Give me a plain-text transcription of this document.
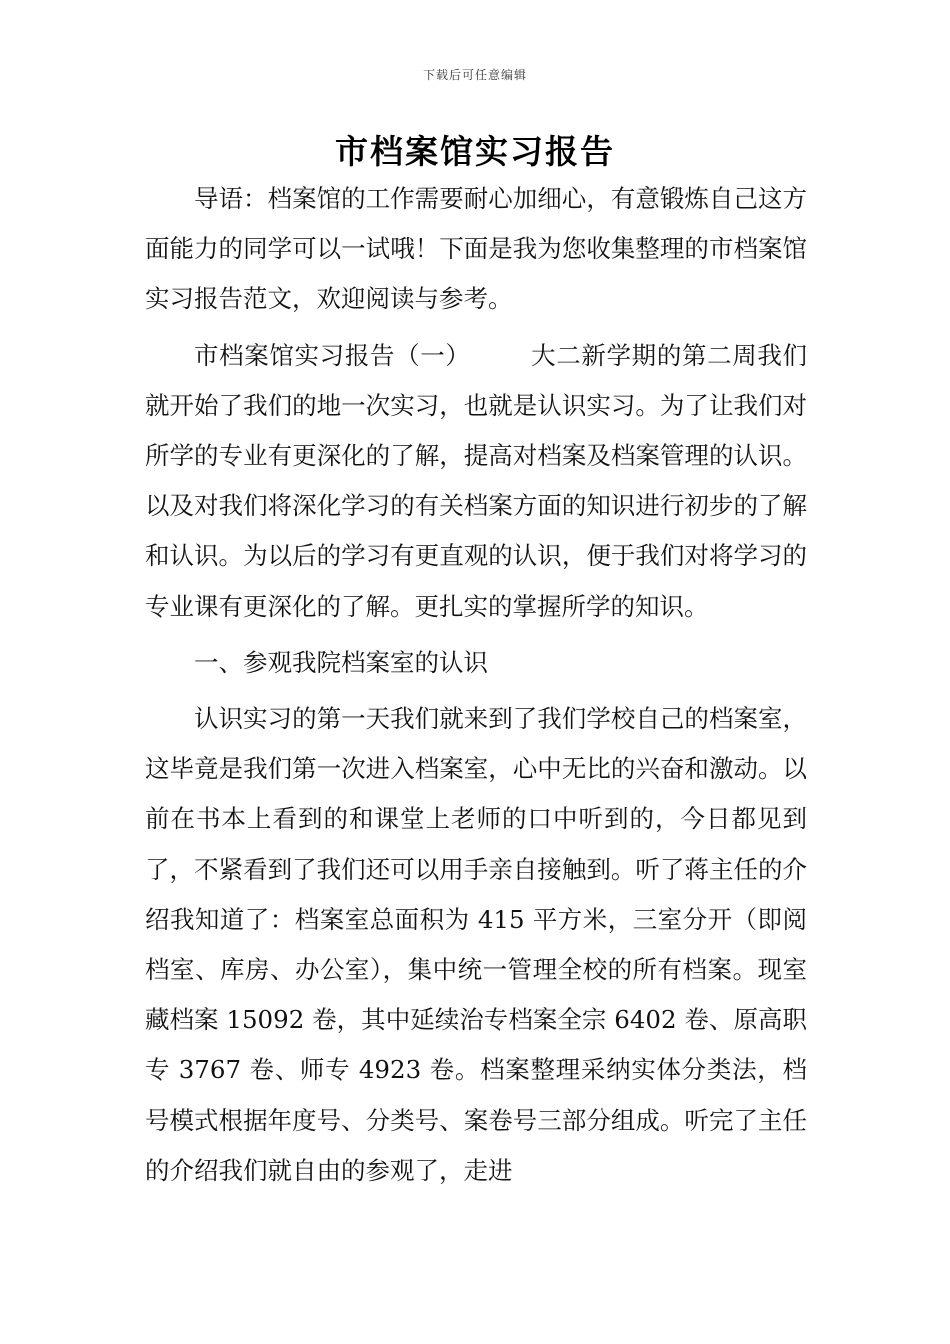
下载后可任意编辑
市档案馆实习报告

导语：档案馆的工作需要耐心加细心，有意锻炼自己这方面能力的同学可以一试哦！下面是我为您收集整理的市档案馆实习报告范文，欢迎阅读与参考。

市档案馆实习报告（一） 大二新学期的第二周我们就开始了我们的地一次实习，也就是认识实习。为了让我们对所学的专业有更深化的了解，提高对档案及档案管理的认识。以及对我们将深化学习的有关档案方面的知识进行初步的了解和认识。为以后的学习有更直观的认识，便于我们对将学习的专业课有更深化的了解。更扎实的掌握所学的知识。

一、参观我院档案室的认识

认识实习的第一天我们就来到了我们学校自己的档案室，这毕竟是我们第一次进入档案室，心中无比的兴奋和激动。以前在书本上看到的和课堂上老师的口中听到的，今日都见到了，不紧看到了我们还可以用手亲自接触到。听了蒋主任的介绍我知道了：档案室总面积为 415 平方米，三室分开（即阅档室、库房、办公室），集中统一管理全校的所有档案。现室藏档案 15092 卷，其中延续治专档案全宗 6402 卷、原高职专 3767 卷、师专 4923 卷。档案整理采纳实体分类法，档号模式根据年度号、分类号、案卷号三部分组成。听完了主任的介绍我们就自由的参观了，走进
